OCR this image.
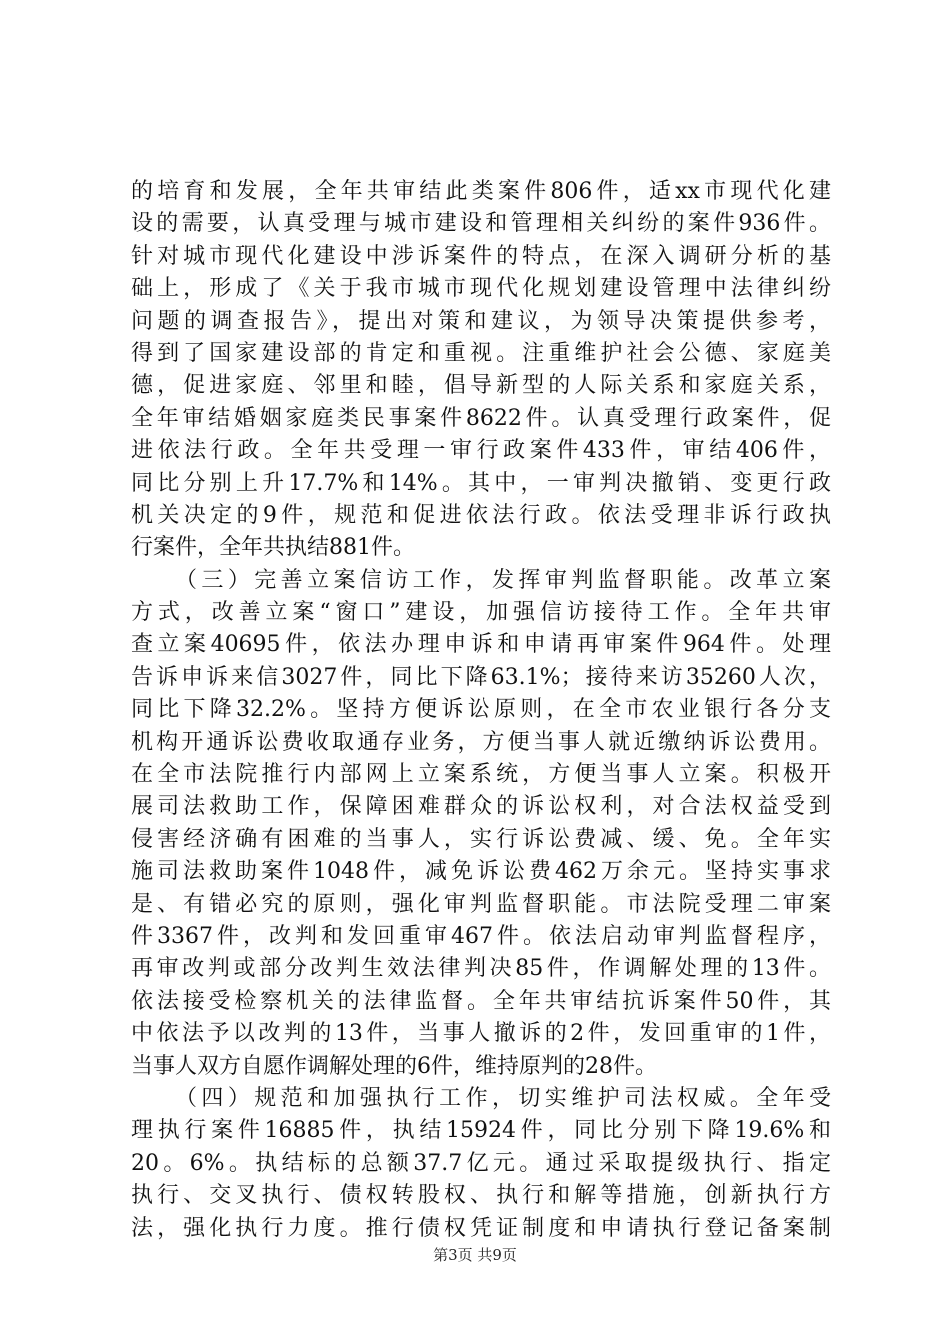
的培育和发展，全年共审结此类案件806件，适xx市现代化建
设的需要，认真受理与城市建设和管理相关纠纷的案件936件。
针对城市现代化建设中涉诉案件的特点，在深入调研分析的基
础上，形成了《关于我市城市现代化规划建设管理中法律纠纷
问题的调查报告》，提出对策和建议，为领导决策提供参考，
得到了国家建设部的肯定和重视。注重维护社会公德、家庭美
德，促进家庭、邻里和睦，倡导新型的人际关系和家庭关系，
全年审结婚姻家庭类民事案件8622件。认真受理行政案件，促
进依法行政。全年共受理一审行政案件433件，审结406件，
同比分别上升17.7%和14%。其中，一审判决撤销、变更行政
机关决定的9件，规范和促进依法行政。依法受理非诉行政执
行案件，全年共执结881件。
（三）完善立案信访工作，发挥审判监督职能。改革立案
方式，改善立案“窗口”建设，加强信访接待工作。全年共审
查立案40695件，依法办理申诉和申请再审案件964件。处理
告诉申诉来信3027件，同比下降63.1%；接待来访35260人次，
同比下降32.2%。坚持方便诉讼原则，在全市农业银行各分支
机构开通诉讼费收取通存业务，方便当事人就近缴纳诉讼费用。
在全市法院推行内部网上立案系统，方便当事人立案。积极开
展司法救助工作，保障困难群众的诉讼权利，对合法权益受到
侵害经济确有困难的当事人，实行诉讼费减、缓、免。全年实
施司法救助案件1048件，减免诉讼费462万余元。坚持实事求
是、有错必究的原则，强化审判监督职能。市法院受理二审案
件3367件，改判和发回重审467件。依法启动审判监督程序，
再审改判或部分改判生效法律判决85件，作调解处理的13件。
依法接受检察机关的法律监督。全年共审结抗诉案件50件，其
中依法予以改判的13件，当事人撤诉的2件，发回重审的1件，
当事人双方自愿作调解处理的6件，维持原判的28件。
（四）规范和加强执行工作，切实维护司法权威。全年受
理执行案件16885件，执结15924件，同比分别下降19.6%和
20。6%。执结标的总额37.7亿元。通过采取提级执行、指定
执行、交叉执行、债权转股权、执行和解等措施，创新执行方
法，强化执行力度。推行债权凭证制度和申请执行登记备案制
第3页 共9页
